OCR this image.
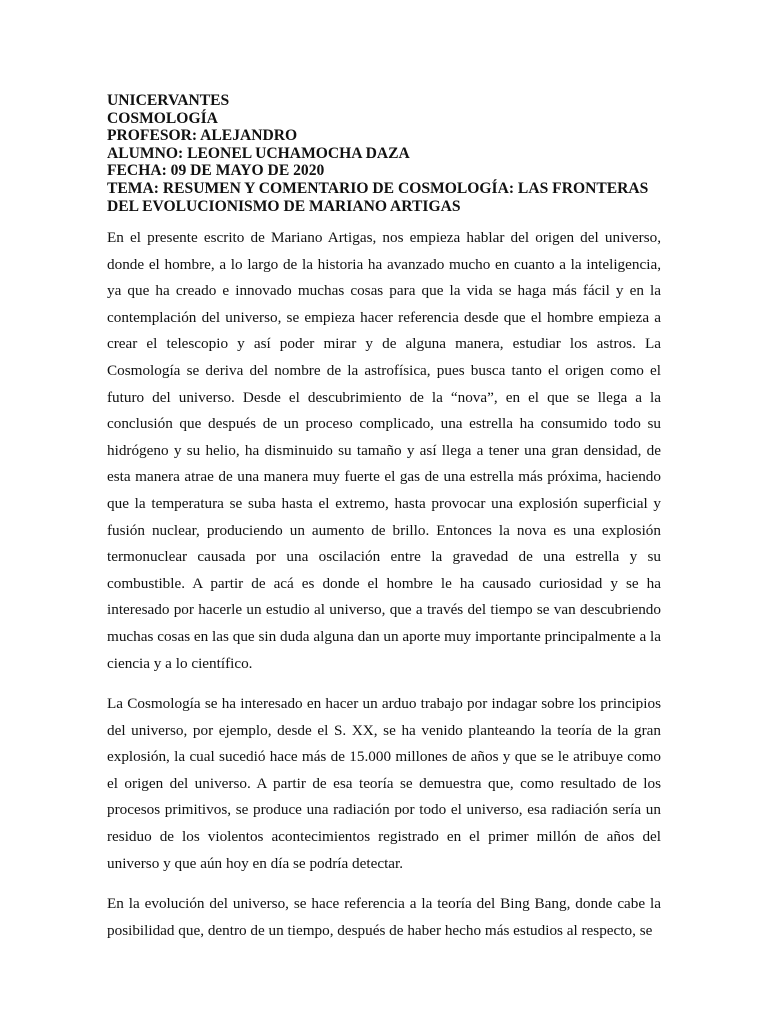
UNICERVANTES
COSMOLOGÍA
PROFESOR: ALEJANDRO
ALUMNO: LEONEL UCHAMOCHA DAZA
FECHA: 09 DE MAYO DE 2020
TEMA: RESUMEN Y COMENTARIO DE COSMOLOGÍA: LAS FRONTERAS
DEL EVOLUCIONISMO DE MARIANO ARTIGAS

En el presente escrito de Mariano Artigas, nos empieza hablar del origen del universo, donde el hombre, a lo largo de la historia ha avanzado mucho en cuanto a la inteligencia, ya que ha creado e innovado muchas cosas para que la vida se haga más fácil y en la contemplación del universo, se empieza hacer referencia desde que el hombre empieza a crear el telescopio y así poder mirar y de alguna manera, estudiar los astros. La Cosmología se deriva del nombre de la astrofísica, pues busca tanto el origen como el futuro del universo. Desde el descubrimiento de la “nova”, en el que se llega a la conclusión que después de un proceso complicado, una estrella ha consumido todo su hidrógeno y su helio, ha disminuido su tamaño y así llega a tener una gran densidad, de esta manera atrae de una manera muy fuerte el gas de una estrella más próxima, haciendo que la temperatura se suba hasta el extremo, hasta provocar una explosión superficial y fusión nuclear, produciendo un aumento de brillo. Entonces la nova es una explosión termonuclear causada por una oscilación entre la gravedad de una estrella y su combustible. A partir de acá es donde el hombre le ha causado curiosidad y se ha interesado por hacerle un estudio al universo, que a través del tiempo se van descubriendo muchas cosas en las que sin duda alguna dan un aporte muy importante principalmente a la ciencia y a lo científico.

La Cosmología se ha interesado en hacer un arduo trabajo por indagar sobre los principios del universo, por ejemplo, desde el S. XX, se ha venido planteando la teoría de la gran explosión, la cual sucedió hace más de 15.000 millones de años y que se le atribuye como el origen del universo. A partir de esa teoría se demuestra que, como resultado de los procesos primitivos, se produce una radiación por todo el universo, esa radiación sería un residuo de los violentos acontecimientos registrado en el primer millón de años del universo y que aún hoy en día se podría detectar.

En la evolución del universo, se hace referencia a la teoría del Bing Bang, donde cabe la posibilidad que, dentro de un tiempo, después de haber hecho más estudios al respecto, se
